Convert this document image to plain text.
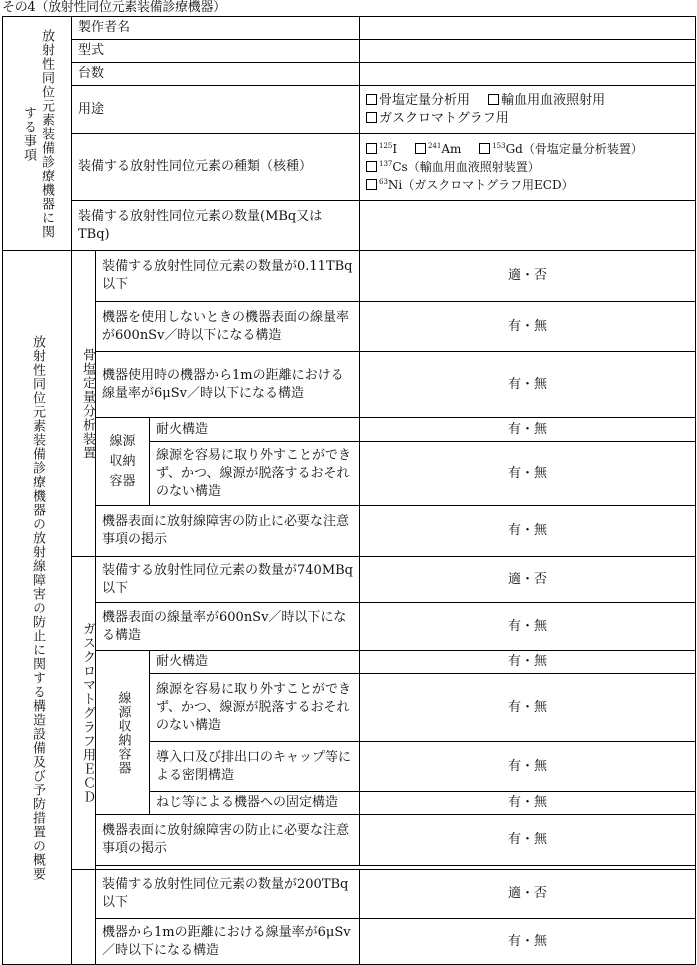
その4（放射性同位元素装備診療機器）
放射性同位元素装備診療機器に関する事項	製作者名			
	型式			
	台数			
	用途			骨塩定量分析用 輸血用血液照射用
ガスクロマトグラフ用

	装備する放射性同位元素の種類（核種）			$^{125}$I $^{241}$Am $^{153}$Gd（骨塩定量分析装置）
$^{137}$Cs（輸血用血液照射装置）
$^{63}$Ni（ガスクロマトグラフ用ECD）

	装備する放射性同位元素の数量(MBq又はTBq)			

放射性同位元素装備診療機器の放射線障害の防止に関する構造設備及び予防措置の概要	骨塩定量分析装置	装備する放射性同位元素の数量が0.11TBq以下		適・否
		機器を使用しないときの機器表面の線量率が600nSv／時以下になる構造		有・無
		機器使用時の機器から1mの距離における線量率が6μSv／時以下になる構造		有・無

		線源収納容器	耐火構造	有・無
			線源を容易に取り外すことができず、かつ、線源が脱落するおそれのない構造	有・無
		機器表面に放射線障害の防止に必要な注意事項の掲示		有・無

	ガスクロマトグラフ用ＥＣＤ	装備する放射性同位元素の数量が740MBq以下		適・否
		機器表面の線量率が600nSv／時以下になる構造		有・無

		線源収納容器	耐火構造	有・無
			線源を容易に取り外すことができず、かつ、線源が脱落するおそれのない構造	有・無
			導入口及び排出口のキャップ等による密閉構造	有・無
			ねじ等による機器への固定構造	有・無
		機器表面に放射線障害の防止に必要な注意事項の掲示		有・無

		装備する放射性同位元素の数量が200TBq以下		適・否
		機器から1mの距離における線量率が6μSv／時以下になる構造		有・無
